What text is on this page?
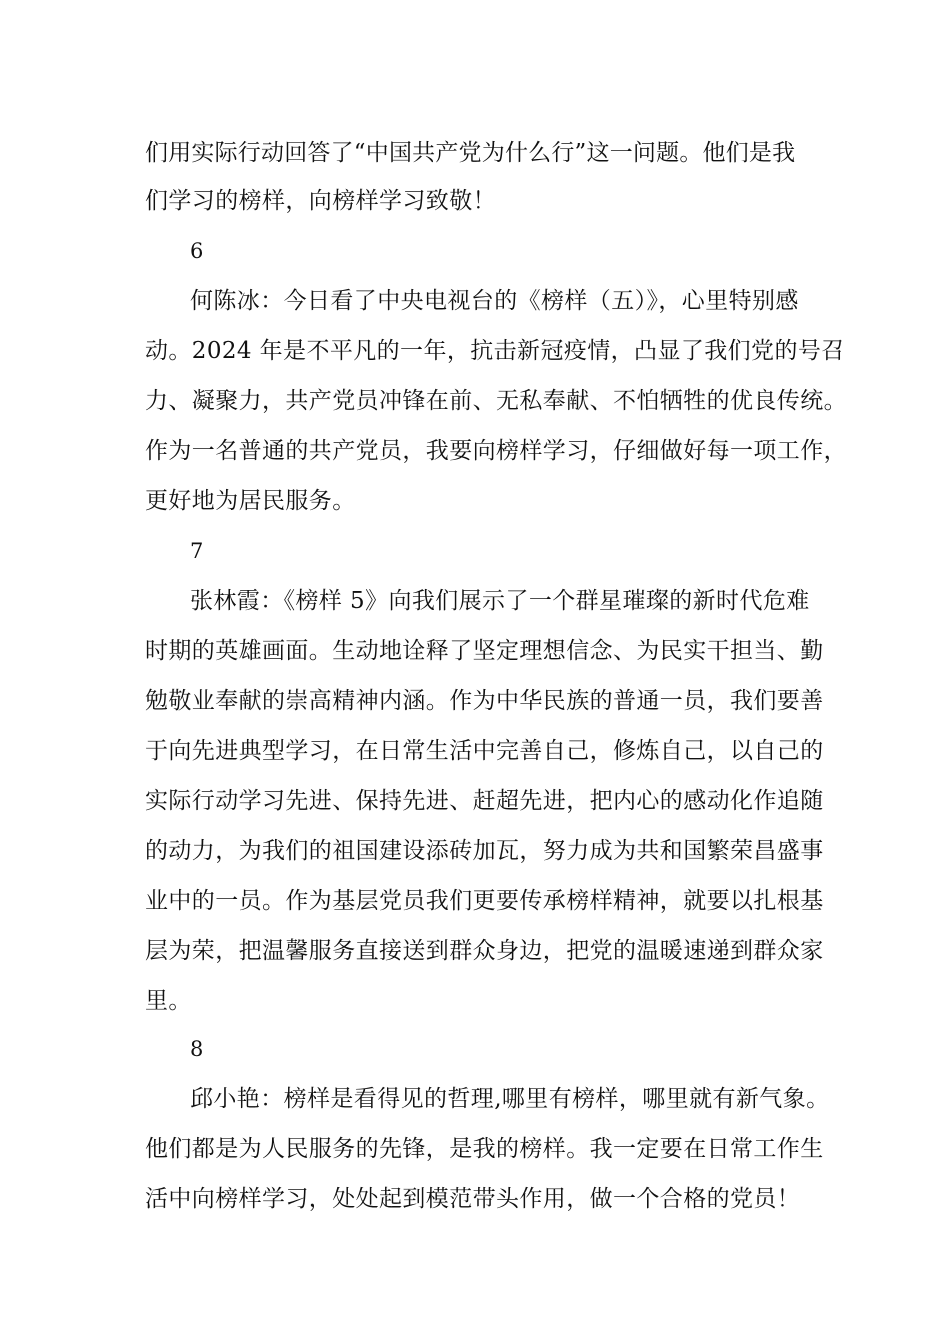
们用实际行动回答了“中国共产党为什么行”这一问题。他们是我
们学习的榜样，向榜样学习致敬！
6
何陈冰：今日看了中央电视台的《榜样（五）》，心里特别感
动。2024 年是不平凡的一年，抗击新冠疫情，凸显了我们党的号召
力、凝聚力，共产党员冲锋在前、无私奉献、不怕牺牲的优良传统。
作为一名普通的共产党员，我要向榜样学习，仔细做好每一项工作，
更好地为居民服务。
7
张林霞：《榜样 5》向我们展示了一个群星璀璨的新时代危难
时期的英雄画面。生动地诠释了坚定理想信念、为民实干担当、勤
勉敬业奉献的崇高精神内涵。作为中华民族的普通一员，我们要善
于向先进典型学习，在日常生活中完善自己，修炼自己，以自己的
实际行动学习先进、保持先进、赶超先进，把内心的感动化作追随
的动力，为我们的祖国建设添砖加瓦，努力成为共和国繁荣昌盛事
业中的一员。作为基层党员我们更要传承榜样精神，就要以扎根基
层为荣，把温馨服务直接送到群众身边，把党的温暖速递到群众家
里。
8
邱小艳：榜样是看得见的哲理,哪里有榜样，哪里就有新气象。
他们都是为人民服务的先锋，是我的榜样。我一定要在日常工作生
活中向榜样学习，处处起到模范带头作用，做一个合格的党员！
